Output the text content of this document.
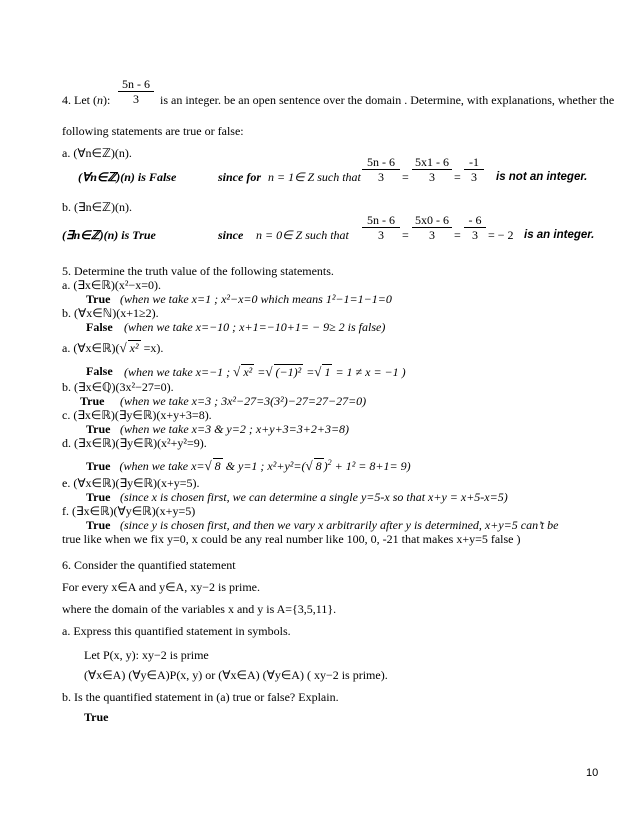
4. Let (n):
5n - 6
3	is an integer. be an open sentence over the domain . Determine, with explanations, whether the
following statements are true or false:
a. (∀n∈ℤ)(n).
(∀n∈ℤ)(n) is False	since for n = 1∈ Z such that
5n - 6
3	=
5x1 - 6
3	=
-1
3	is not an integer.
b. (∃n∈ℤ)(n).
(∃n∈ℤ)(n) is True	since n = 0∈ Z such that
5n - 6
3	=
5x0 - 6
3	=
- 6
3 = − 2 is an integer.
5. Determine the truth value of the following statements.
a. (∃x∈ℝ)(x²−x=0).
True (when we take x=1 ; x²−x=0 which means 1²−1=1−1=0
b. (∀x∈ℕ)(x+1≥2).
False (when we take x=−10 ; x+1=−10+1= − 9≥ 2 is false)
a. (∀x∈ℝ)(√ x² =x).
False (when we take x=−1 ; √ x² =√ (−1)² =√ 1 = 1 ≠ x = −1 )
b. (∃x∈ℚ)(3x²−27=0).
True (when we take x=3 ; 3x²−27=3(3²)−27=27−27=0)
c. (∃x∈ℝ)(∃y∈ℝ)(x+y+3=8).
True (when we take x=3 & y=2 ; x+y+3=3+2+3=8)
d. (∃x∈ℝ)(∃y∈ℝ)(x²+y²=9).
True (when we take x=√ 8 & y=1 ; x²+y²=(√ 8 )$^2$ + 1² = 8+1= 9)
e. (∀x∈ℝ)(∃y∈ℝ)(x+y=5).
True (since x is chosen first, we can determine a single y=5-x so that x+y = x+5-x=5)
f. (∃x∈ℝ)(∀y∈ℝ)(x+y=5)
True (since y is chosen first, and then we vary x arbitrarily after y is determined, x+y=5 can’t be
true like when we fix y=0, x could be any real number like 100, 0, -21 that makes x+y=5 false )
6. Consider the quantified statement
For every x∈A and y∈A, xy−2 is prime.
where the domain of the variables x and y is A={3,5,11}.
a. Express this quantified statement in symbols.
Let P(x, y): xy−2 is prime
(∀x∈A) (∀y∈A)P(x, y) or (∀x∈A) (∀y∈A) ( xy−2 is prime).
b. Is the quantified statement in (a) true or false? Explain.
True
10
